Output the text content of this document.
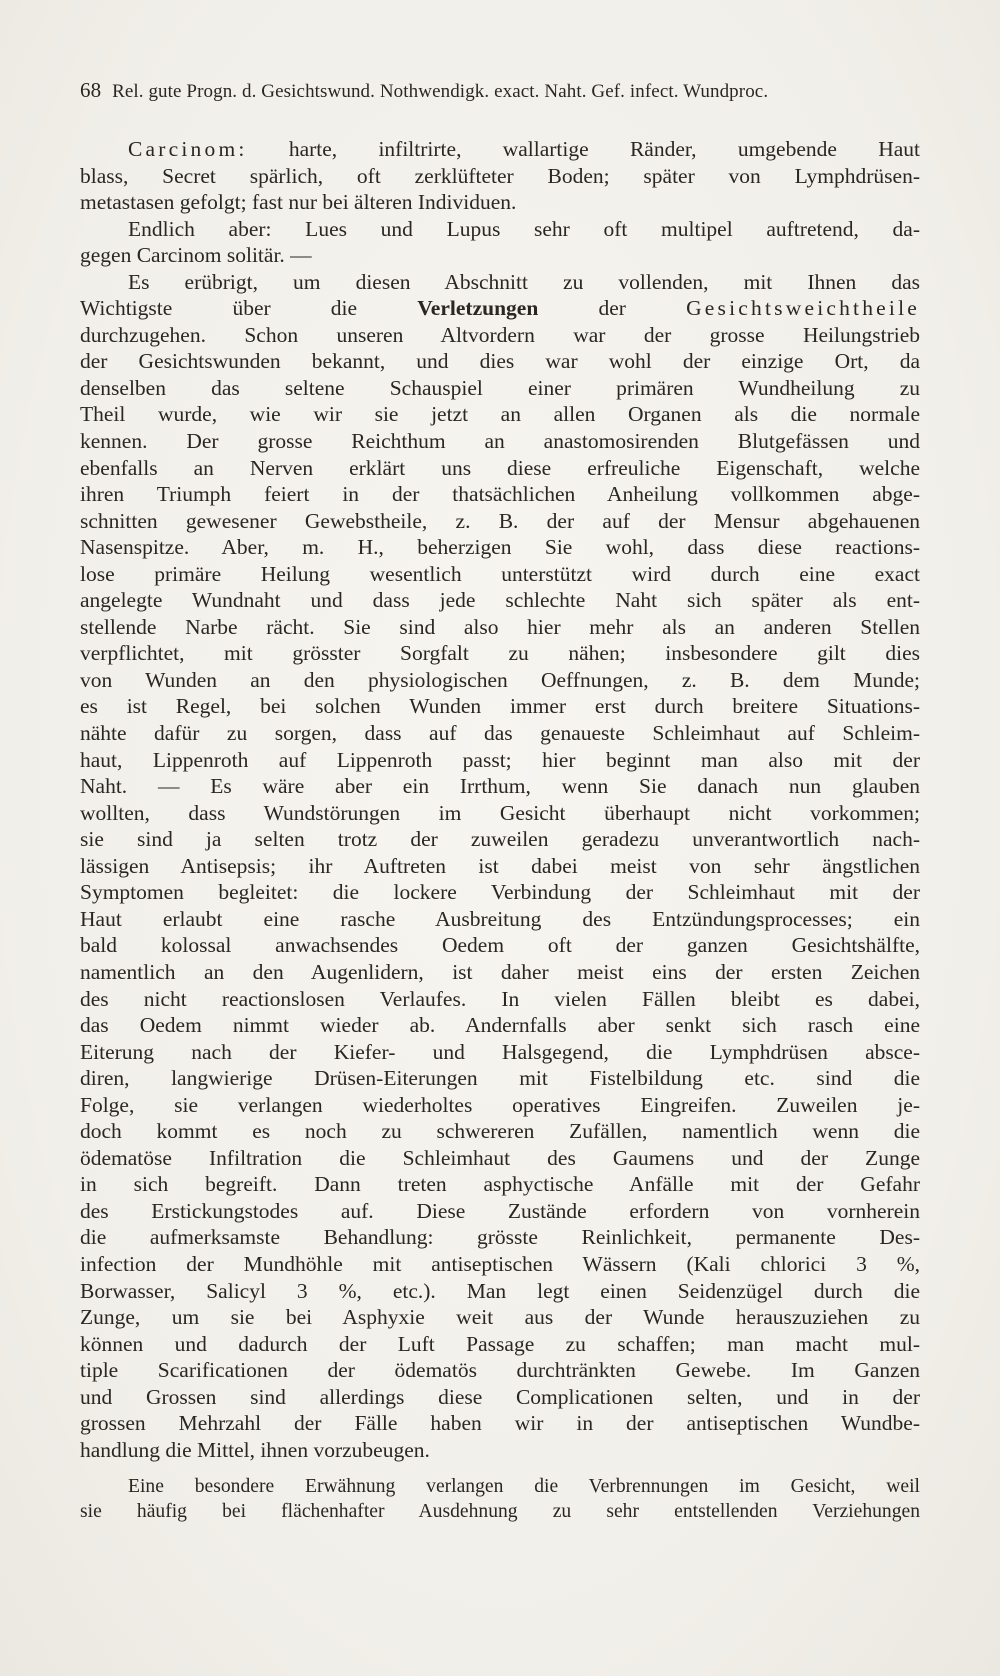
68 Rel. gute Progn. d. Gesichtswund. Nothwendigk. exact. Naht. Gef. infect. Wundproc.
Carcinom: harte, infiltrirte, wallartige Ränder, umgebende Haut
blass, Secret spärlich, oft zerklüfteter Boden; später von Lymphdrüsen-
metastasen gefolgt; fast nur bei älteren Individuen.
Endlich aber: Lues und Lupus sehr oft multipel auftretend, da-
gegen Carcinom solitär. —
Es erübrigt, um diesen Abschnitt zu vollenden, mit Ihnen das
Wichtigste über die Verletzungen der Gesichtsweichtheile
durchzugehen. Schon unseren Altvordern war der grosse Heilungstrieb
der Gesichtswunden bekannt, und dies war wohl der einzige Ort, da
denselben das seltene Schauspiel einer primären Wundheilung zu
Theil wurde, wie wir sie jetzt an allen Organen als die normale
kennen. Der grosse Reichthum an anastomosirenden Blutgefässen und
ebenfalls an Nerven erklärt uns diese erfreuliche Eigenschaft, welche
ihren Triumph feiert in der thatsächlichen Anheilung vollkommen abge-
schnitten gewesener Gewebstheile, z. B. der auf der Mensur abgehauenen
Nasenspitze. Aber, m. H., beherzigen Sie wohl, dass diese reactions-
lose primäre Heilung wesentlich unterstützt wird durch eine exact
angelegte Wundnaht und dass jede schlechte Naht sich später als ent-
stellende Narbe rächt. Sie sind also hier mehr als an anderen Stellen
verpflichtet, mit grösster Sorgfalt zu nähen; insbesondere gilt dies
von Wunden an den physiologischen Oeffnungen, z. B. dem Munde;
es ist Regel, bei solchen Wunden immer erst durch breitere Situations-
nähte dafür zu sorgen, dass auf das genaueste Schleimhaut auf Schleim-
haut, Lippenroth auf Lippenroth passt; hier beginnt man also mit der
Naht. — Es wäre aber ein Irrthum, wenn Sie danach nun glauben
wollten, dass Wundstörungen im Gesicht überhaupt nicht vorkommen;
sie sind ja selten trotz der zuweilen geradezu unverantwortlich nach-
lässigen Antisepsis; ihr Auftreten ist dabei meist von sehr ängstlichen
Symptomen begleitet: die lockere Verbindung der Schleimhaut mit der
Haut erlaubt eine rasche Ausbreitung des Entzündungsprocesses; ein
bald kolossal anwachsendes Oedem oft der ganzen Gesichtshälfte,
namentlich an den Augenlidern, ist daher meist eins der ersten Zeichen
des nicht reactionslosen Verlaufes. In vielen Fällen bleibt es dabei,
das Oedem nimmt wieder ab. Andernfalls aber senkt sich rasch eine
Eiterung nach der Kiefer- und Halsgegend, die Lymphdrüsen absce-
diren, langwierige Drüsen-Eiterungen mit Fistelbildung etc. sind die
Folge, sie verlangen wiederholtes operatives Eingreifen. Zuweilen je-
doch kommt es noch zu schwereren Zufällen, namentlich wenn die
ödematöse Infiltration die Schleimhaut des Gaumens und der Zunge
in sich begreift. Dann treten asphyctische Anfälle mit der Gefahr
des Erstickungstodes auf. Diese Zustände erfordern von vornherein
die aufmerksamste Behandlung: grösste Reinlichkeit, permanente Des-
infection der Mundhöhle mit antiseptischen Wässern (Kali chlorici 3 %,
Borwasser, Salicyl 3 %, etc.). Man legt einen Seidenzügel durch die
Zunge, um sie bei Asphyxie weit aus der Wunde herauszuziehen zu
können und dadurch der Luft Passage zu schaffen; man macht mul-
tiple Scarificationen der ödematös durchtränkten Gewebe. Im Ganzen
und Grossen sind allerdings diese Complicationen selten, und in der
grossen Mehrzahl der Fälle haben wir in der antiseptischen Wundbe-
handlung die Mittel, ihnen vorzubeugen.
Eine besondere Erwähnung verlangen die Verbrennungen im Gesicht, weil
sie häufig bei flächenhafter Ausdehnung zu sehr entstellenden Verziehungen
